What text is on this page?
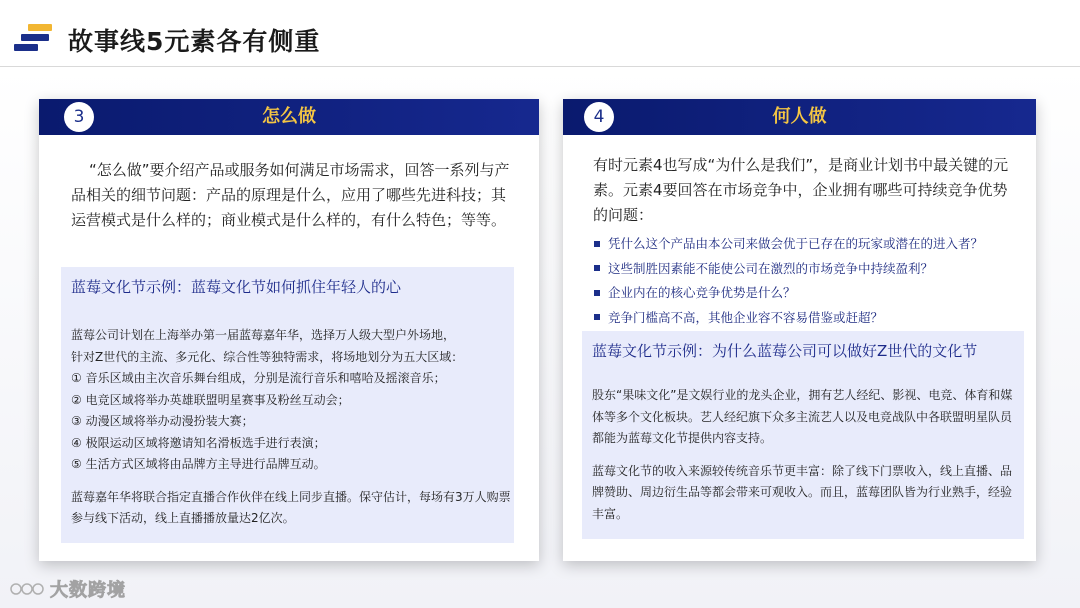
故事线5元素各有侧重
怎么做
3
“怎么做”要介绍产品或服务如何满足市场需求，回答一系列与产品相关的细节问题：产品的原理是什么，应用了哪些先进科技；其运营模式是什么样的；商业模式是什么样的，有什么特色；等等。
蓝莓文化节示例：蓝莓文化节如何抓住年轻人的心

蓝莓公司计划在上海举办第一届蓝莓嘉年华，选择万人级大型户外场地，

针对Z世代的主流、多元化、综合性等独特需求，将场地划分为五大区域：

① 音乐区域由主次音乐舞台组成，分别是流行音乐和嘻哈及摇滚音乐；

② 电竞区域将举办英雄联盟明星赛事及粉丝互动会；

③ 动漫区域将举办动漫扮装大赛；

④ 极限运动区域将邀请知名滑板选手进行表演；

⑤ 生活方式区域将由品牌方主导进行品牌互动。

蓝莓嘉年华将联合指定直播合作伙伴在线上同步直播。保守估计，每场有3万人购票参与线下活动，线上直播播放量达2亿次。

何人做
4
有时元素4也写成“为什么是我们”，是商业计划书中最关键的元素。元素4要回答在市场竞争中，企业拥有哪些可持续竞争优势的问题：
凭什么这个产品由本公司来做会优于已存在的玩家或潜在的进入者？
这些制胜因素能不能使公司在激烈的市场竞争中持续盈利？
企业内在的核心竞争优势是什么？
竞争门槛高不高，其他企业容不容易借鉴或赶超？
蓝莓文化节示例：为什么蓝莓公司可以做好Z世代的文化节

股东“果味文化”是文娱行业的龙头企业，拥有艺人经纪、影视、电竞、体育和媒体等多个文化板块。艺人经纪旗下众多主流艺人以及电竞战队中各联盟明星队员都能为蓝莓文化节提供内容支持。

蓝莓文化节的收入来源较传统音乐节更丰富：除了线下门票收入，线上直播、品牌赞助、周边衍生品等都会带来可观收入。而且，蓝莓团队皆为行业熟手，经验丰富。

大数跨境
